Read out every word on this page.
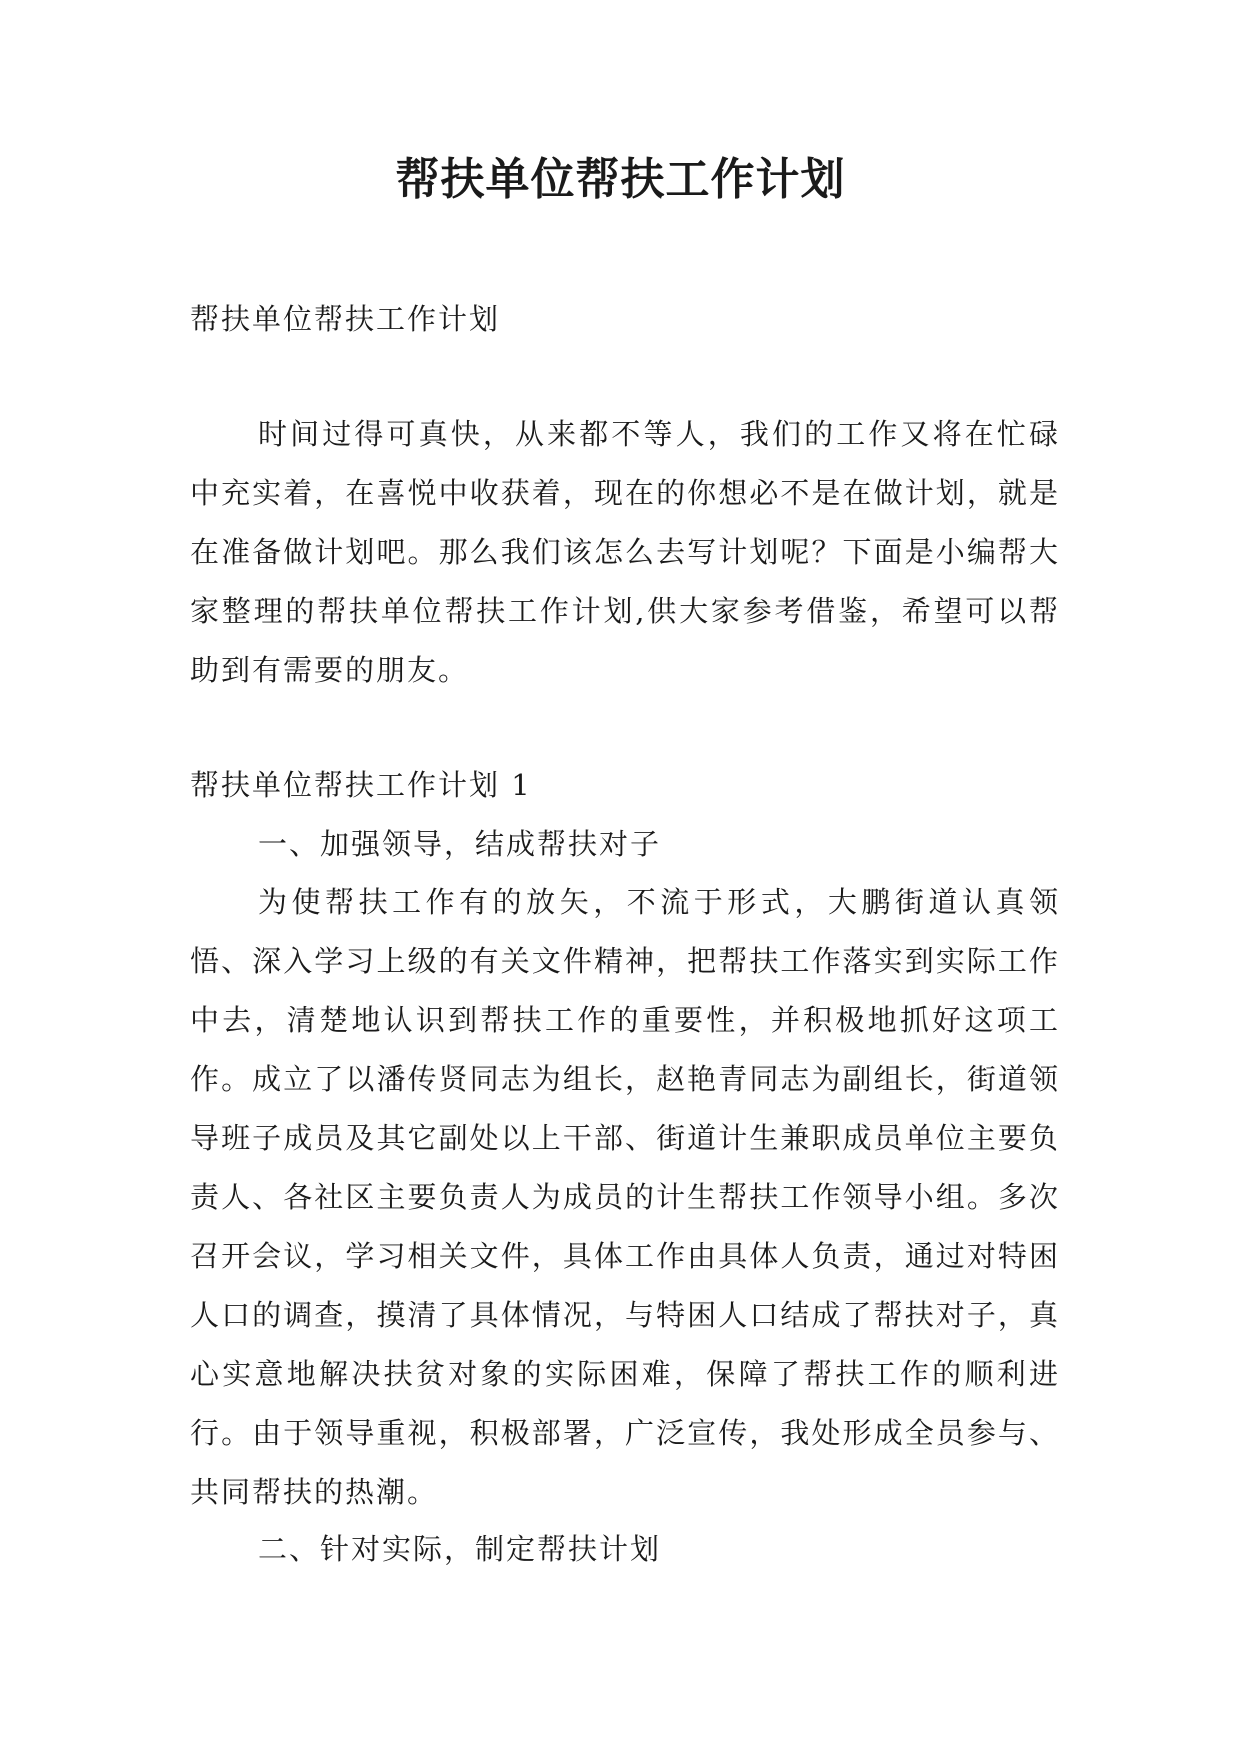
帮扶单位帮扶工作计划
帮扶单位帮扶工作计划
时间过得可真快，从来都不等人，我们的工作又将在忙碌中充实着，在喜悦中收获着，现在的你想必不是在做计划，就是在准备做计划吧。那么我们该怎么去写计划呢？下面是小编帮大家整理的帮扶单位帮扶工作计划,供大家参考借鉴，希望可以帮助到有需要的朋友。
帮扶单位帮扶工作计划 1
一、加强领导，结成帮扶对子
为使帮扶工作有的放矢，不流于形式，大鹏街道认真领悟、深入学习上级的有关文件精神，把帮扶工作落实到实际工作中去，清楚地认识到帮扶工作的重要性，并积极地抓好这项工作。成立了以潘传贤同志为组长，赵艳青同志为副组长，街道领导班子成员及其它副处以上干部、街道计生兼职成员单位主要负责人、各社区主要负责人为成员的计生帮扶工作领导小组。多次召开会议，学习相关文件，具体工作由具体人负责，通过对特困人口的调查，摸清了具体情况，与特困人口结成了帮扶对子，真心实意地解决扶贫对象的实际困难，保障了帮扶工作的顺利进行。由于领导重视，积极部署，广泛宣传，我处形成全员参与、共同帮扶的热潮。
二、针对实际，制定帮扶计划
